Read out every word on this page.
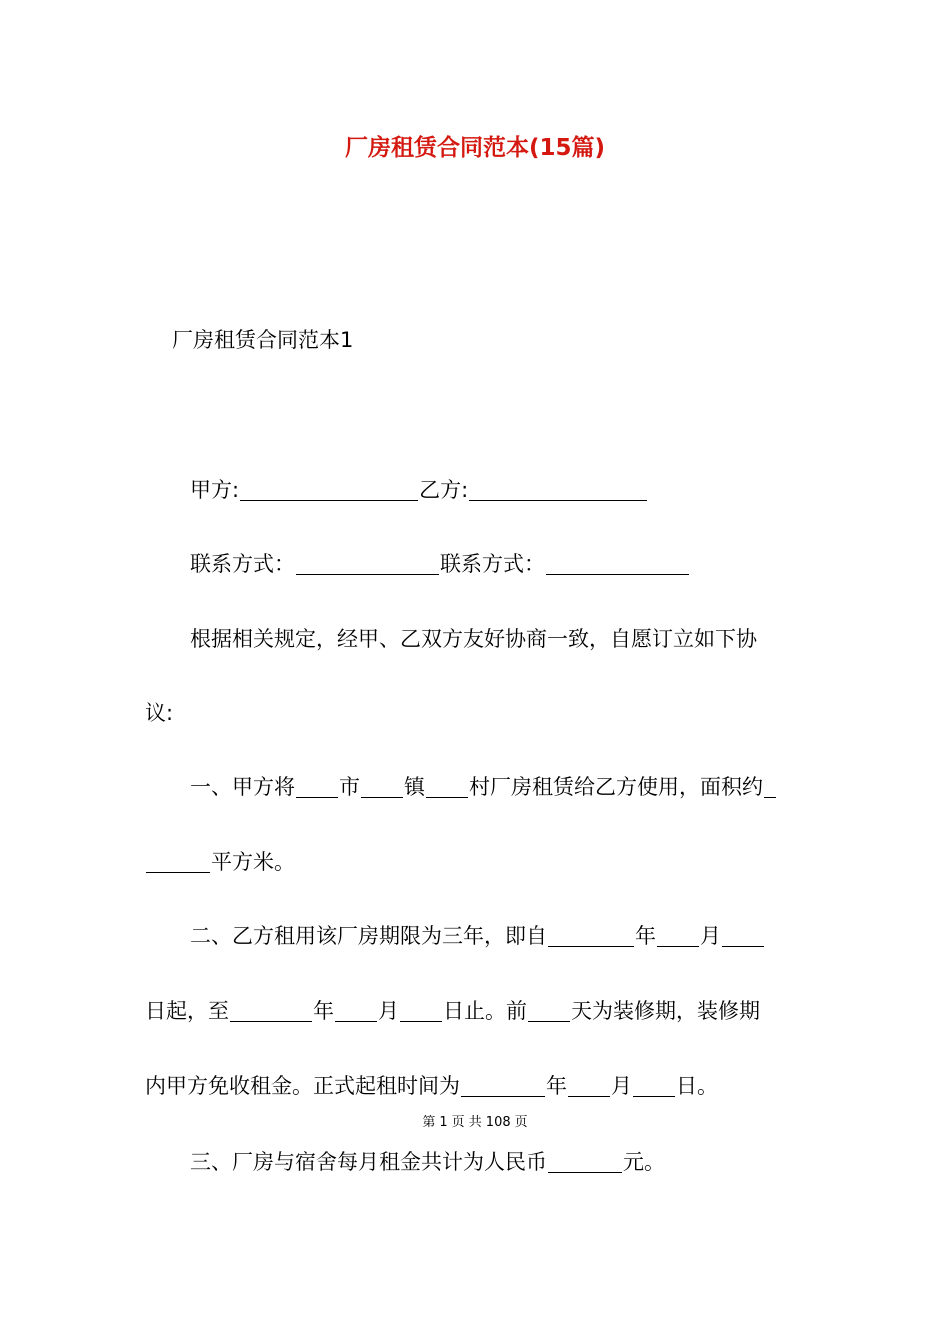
厂房租赁合同范本(15篇)
厂房租赁合同范本1
甲方:	乙方:
联系方式：	联系方式：
根据相关规定，经甲、乙双方友好协商一致，自愿订立如下协
议:
一、甲方将 市 镇 村厂房租赁给乙方使用，面积约
平方米。
二、乙方租用该厂房期限为三年，即自	年 月
日起，至	年 月 日止。前 天为装修期，装修期
内甲方免收租金。正式起租时间为	年 月 日。
第 1 页 共 108 页
三、厂房与宿舍每月租金共计为人民币	元。
